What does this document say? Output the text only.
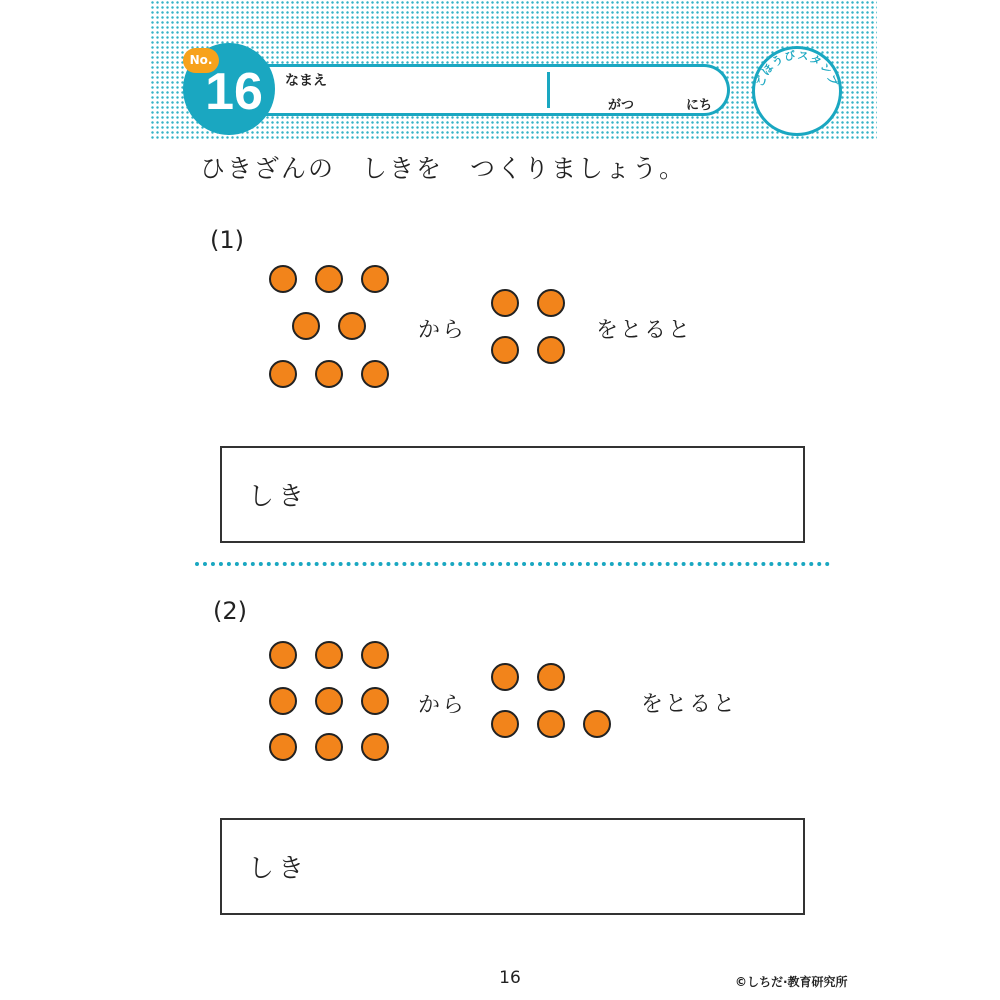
No.
16	なまえ
がつ	にち
ごほうびスタンプ
ひきざんの　しきを　つくりましょう。
(1)
から	をとると
しき
(2)
から	をとると
しき
16	©しちだ·教育研究所
